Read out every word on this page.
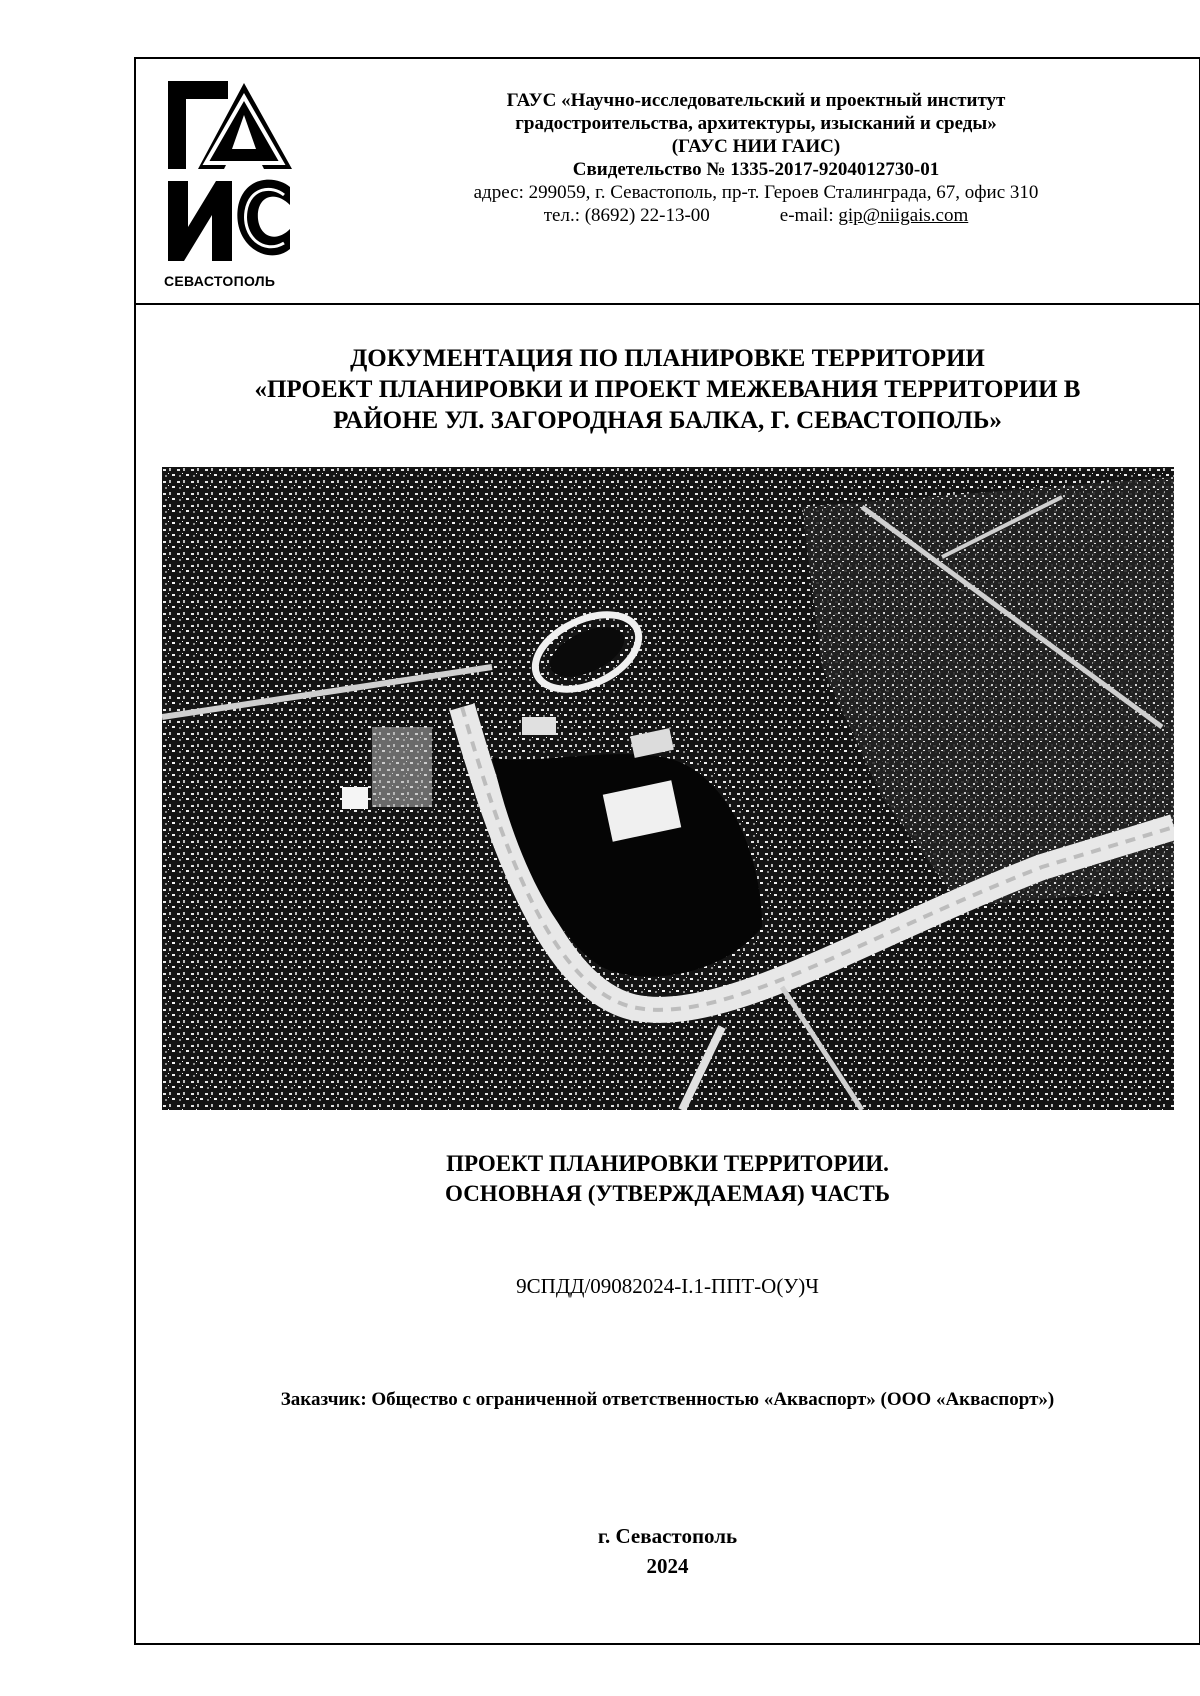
СЕВАСТОПОЛЬ
ГАУС «Научно-исследовательский и проектный институт
градостроительства, архитектуры, изысканий и среды»
(ГАУС НИИ ГАИС)
Свидетельство № 1335-2017-9204012730-01
адрес: 299059, г. Севастополь, пр-т. Героев Сталинграда, 67, офис 310
тел.: (8692) 22-13-00	e-mail: gip@niigais.com
ДОКУМЕНТАЦИЯ ПО ПЛАНИРОВКЕ ТЕРРИТОРИИ
«ПРОЕКТ ПЛАНИРОВКИ И ПРОЕКТ МЕЖЕВАНИЯ ТЕРРИТОРИИ В
РАЙОНЕ УЛ. ЗАГОРОДНАЯ БАЛКА, Г. СЕВАСТОПОЛЬ»
ПРОЕКТ ПЛАНИРОВКИ ТЕРРИТОРИИ.
ОСНОВНАЯ (УТВЕРЖДАЕМАЯ) ЧАСТЬ
9СПДД/09082024-I.1-ППТ-О(У)Ч
Заказчик: Общество с ограниченной ответственностью «Акваспорт» (ООО «Акваспорт»)
г. Севастополь
2024
